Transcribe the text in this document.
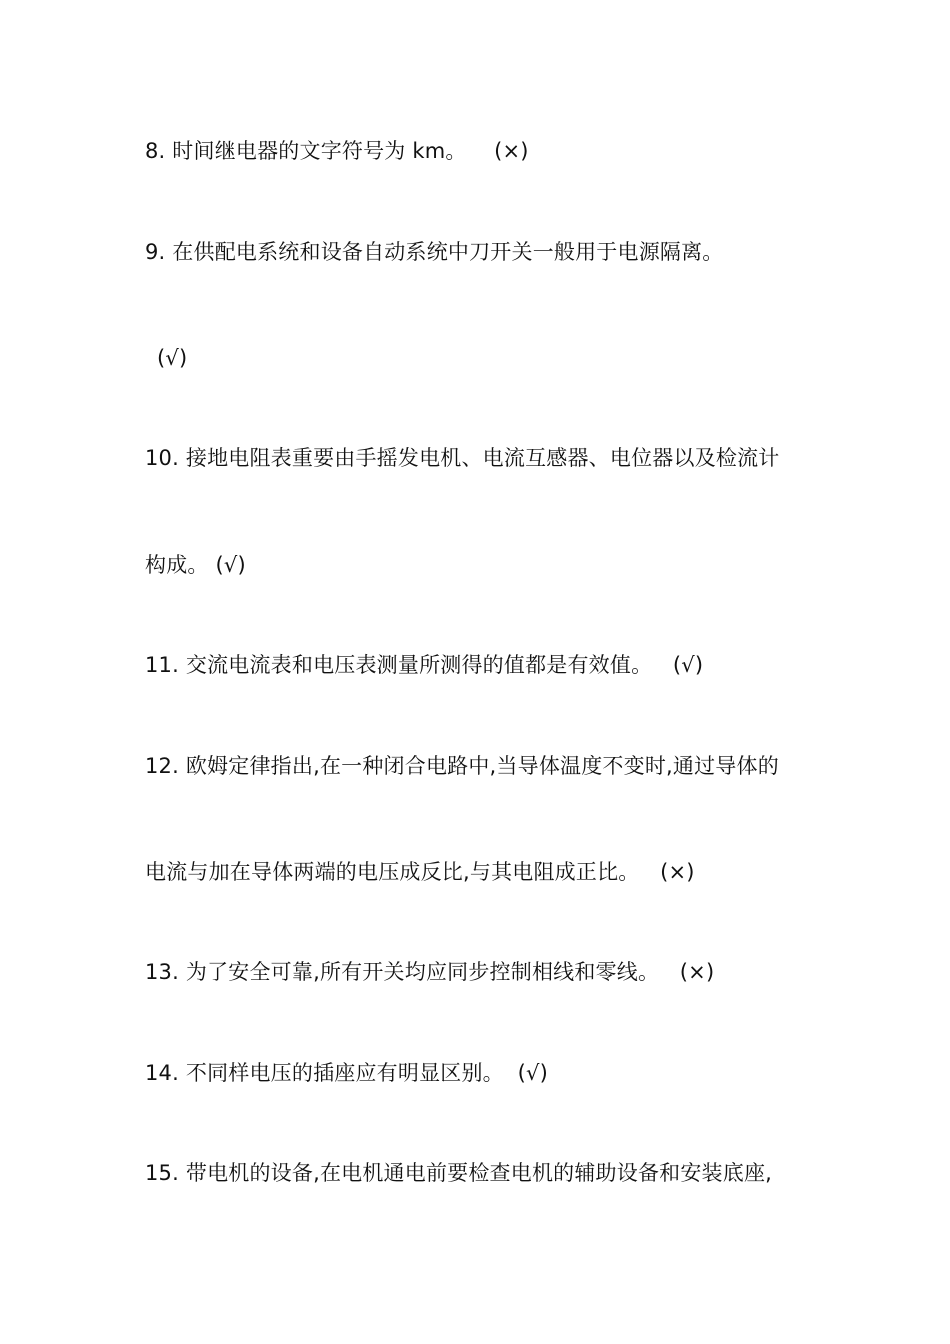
8. 时间继电器的文字符号为 km。    (×)
9. 在供配电系统和设备自动系统中刀开关一般用于电源隔离。
(√)
10. 接地电阻表重要由手摇发电机、电流互感器、电位器以及检流计
构成。 (√)
11. 交流电流表和电压表测量所测得的值都是有效值。   (√)
12. 欧姆定律指出,在一种闭合电路中,当导体温度不变时,通过导体的
电流与加在导体两端的电压成反比,与其电阻成正比。   (×)
13. 为了安全可靠,所有开关均应同步控制相线和零线。   (×)
14. 不同样电压的插座应有明显区别。  (√)
15. 带电机的设备,在电机通电前要检查电机的辅助设备和安装底座,
